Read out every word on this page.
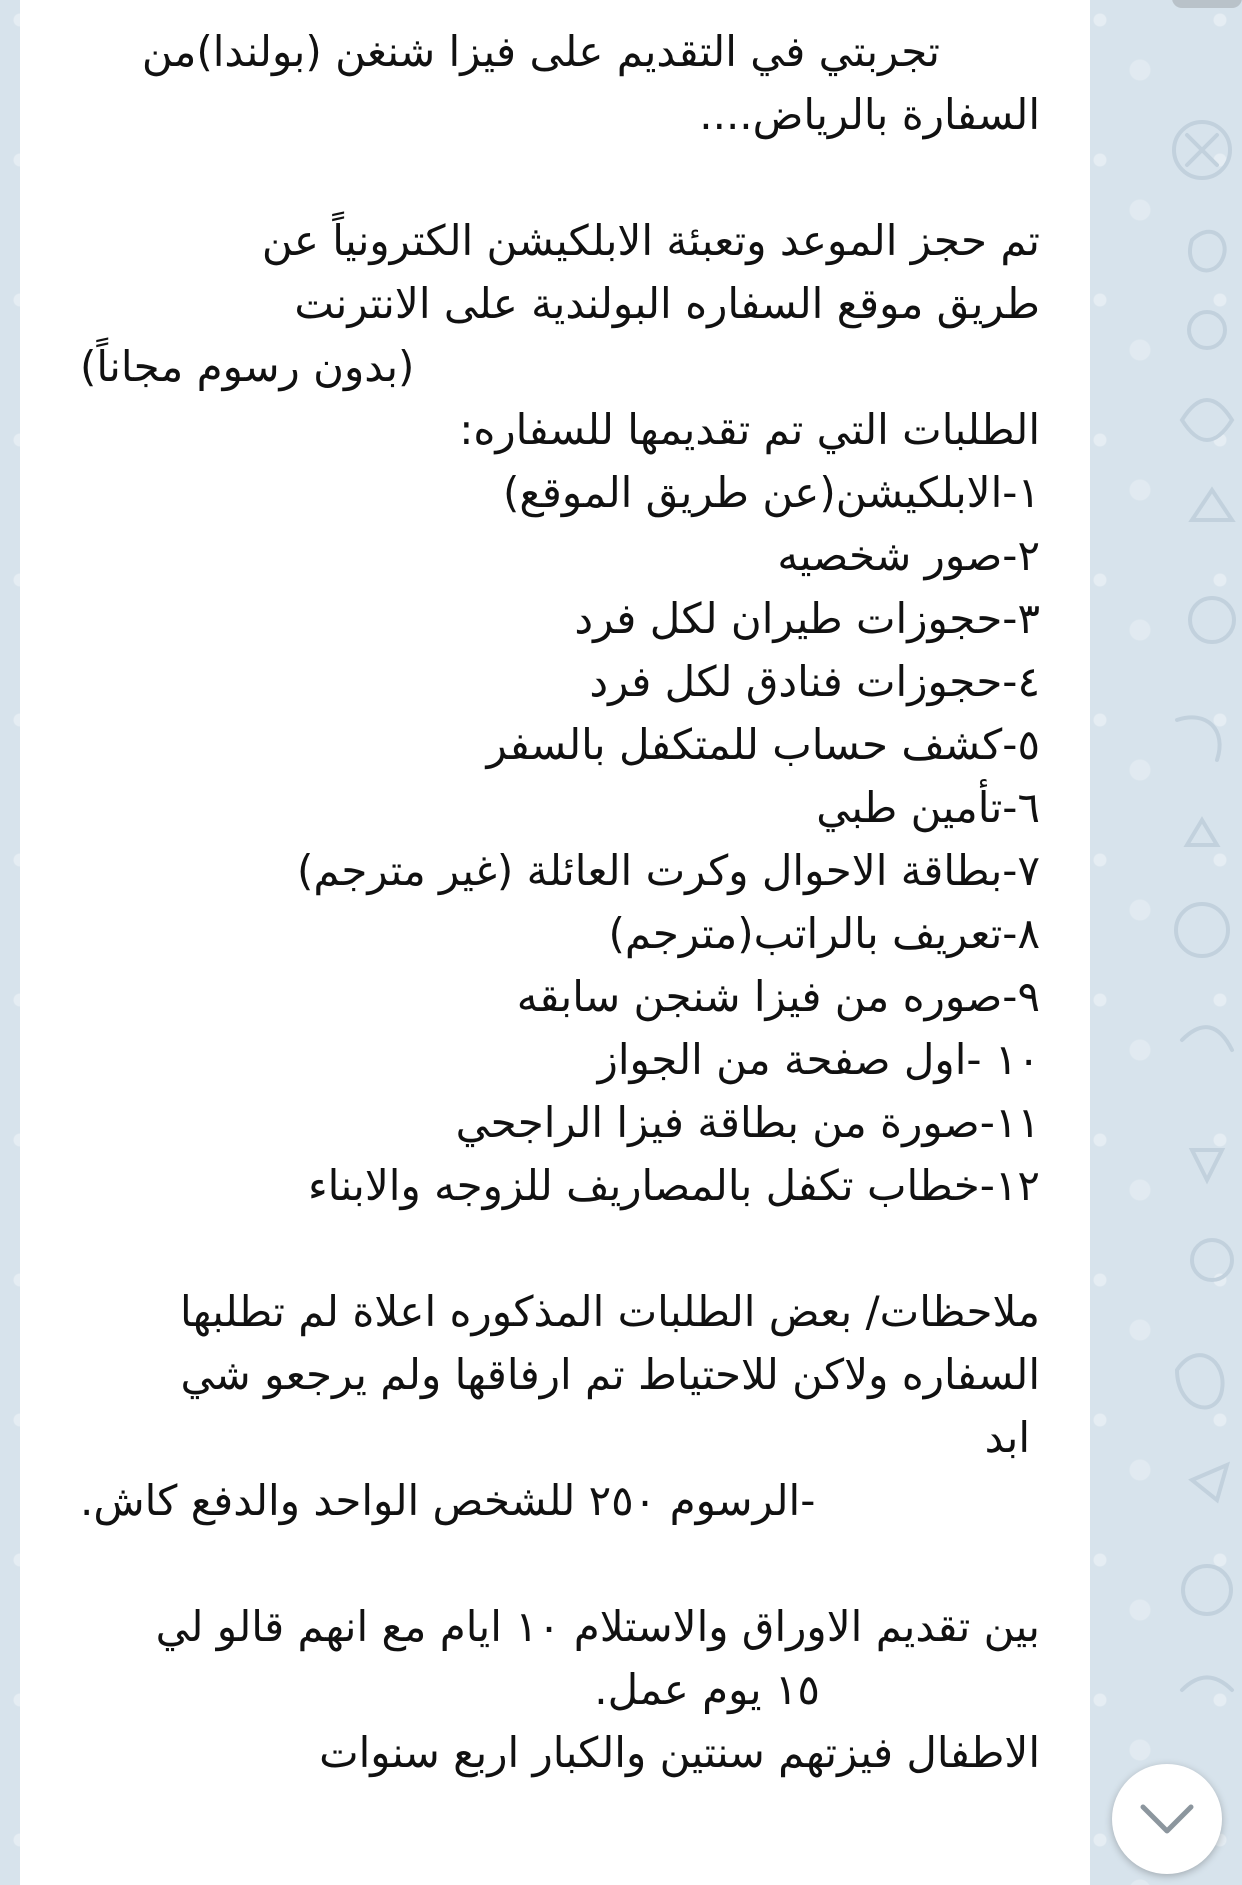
تجربتي في التقديم على فيزا شنغن (بولندا)من
السفارة بالرياض....
تم حجز الموعد وتعبئة الابلكيشن الكترونياً عن
طريق موقع السفاره البولندية على الانترنت
(بدون رسوم مجاناً)
الطلبات التي تم تقديمها للسفاره:
١-الابلكيشن(عن طريق الموقع)
٢-صور شخصيه
٣-حجوزات طيران لكل فرد
٤-حجوزات فنادق لكل فرد
٥-كشف حساب للمتكفل بالسفر
٦-تأمين طبي
٧-بطاقة الاحوال وكرت العائلة (غير مترجم)
٨-تعريف بالراتب(مترجم)
٩-صوره من فيزا شنجن سابقه
١٠ -اول صفحة من الجواز
١١-صورة من بطاقة فيزا الراجحي
١٢-خطاب تكفل بالمصاريف للزوجه والابناء
ملاحظات/ بعض الطلبات المذكوره اعلاة لم تطلبها
السفاره ولاكن للاحتياط تم ارفاقها ولم يرجعو شي
ابد
-الرسوم ٢٥٠ للشخص الواحد والدفع كاش.
بين تقديم الاوراق والاستلام ١٠ ايام مع انهم قالو لي
١٥ يوم عمل.
الاطفال فيزتهم سنتين والكبار اربع سنوات
